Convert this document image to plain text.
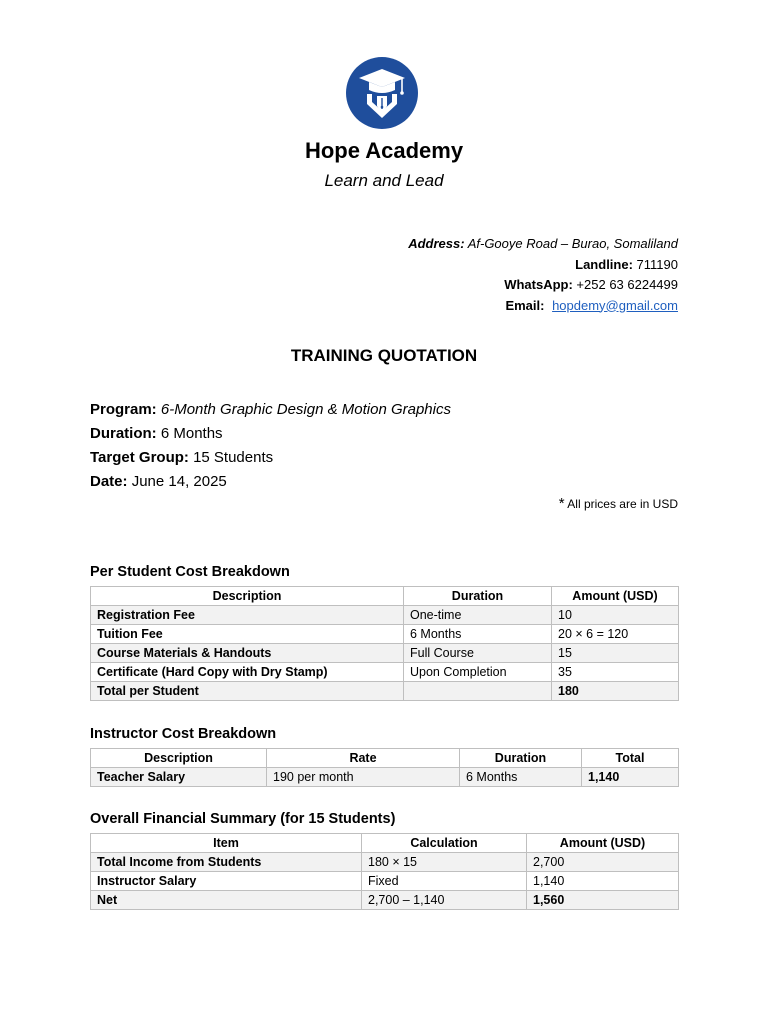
Hope Academy
Learn and Lead
Address: Af-Gooye Road – Burao, Somaliland
Landline: 711190
WhatsApp: +252 63 6224499
Email: hopdemy@gmail.com
TRAINING QUOTATION
Program: 6-Month Graphic Design & Motion Graphics
Duration: 6 Months
Target Group: 15 Students
Date: June 14, 2025
* All prices are in USD
Per Student Cost Breakdown
Description	Duration	Amount (USD)
Registration Fee	One-time	10
Tuition Fee	6 Months	20 × 6 = 120
Course Materials & Handouts	Full Course	15
Certificate (Hard Copy with Dry Stamp)	Upon Completion	35
Total per Student		180
Instructor Cost Breakdown
Description	Rate	Duration	Total
Teacher Salary	190 per month	6 Months	1,140
Overall Financial Summary (for 15 Students)
Item	Calculation	Amount (USD)
Total Income from Students	180 × 15	2,700
Instructor Salary	Fixed	1,140
Net	2,700 – 1,140	1,560
